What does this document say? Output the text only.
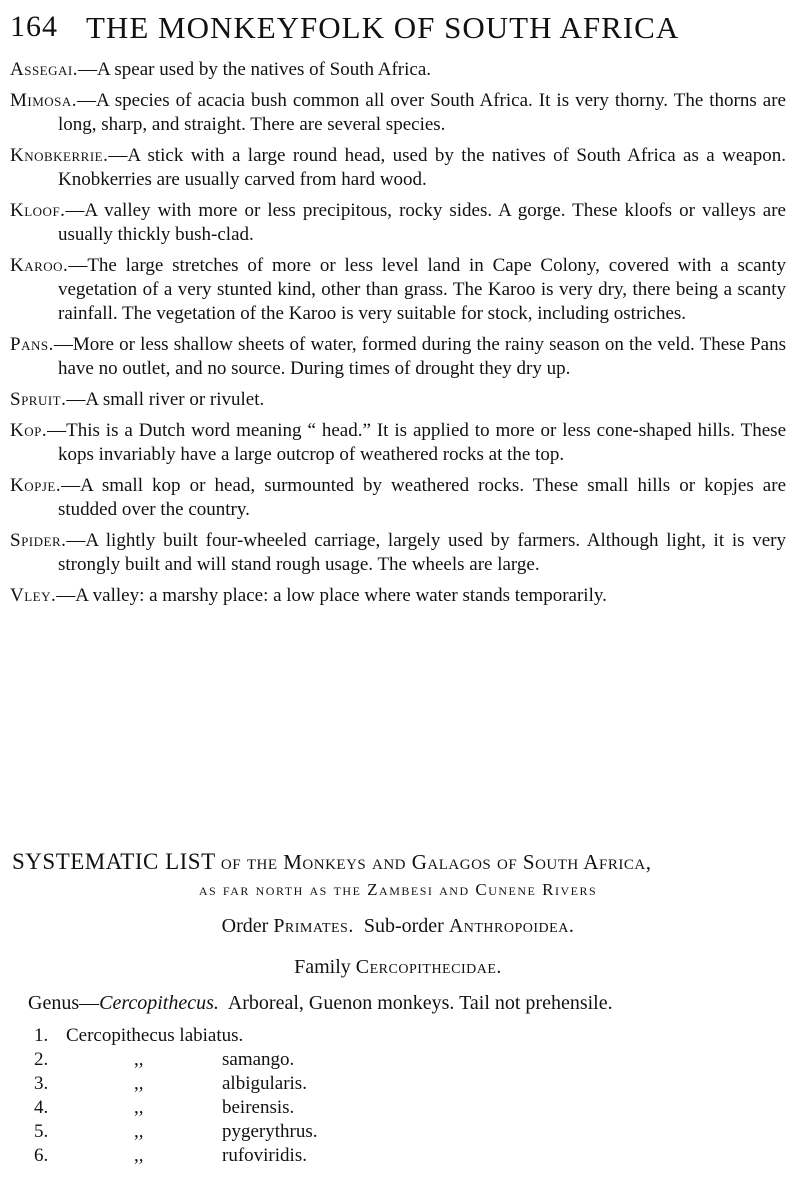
164 THE MONKEYFOLK OF SOUTH AFRICA

Assegai.—A spear used by the natives of South Africa.

Mimosa.—A species of acacia bush common all over South Africa. It is very thorny. The thorns are long, sharp, and straight. There are several species.

Knobkerrie.—A stick with a large round head, used by the natives of South Africa as a weapon. Knobkerries are usually carved from hard wood.

Kloof.—A valley with more or less precipitous, rocky sides. A gorge. These kloofs or valleys are usually thickly bush-clad.

Karoo.—The large stretches of more or less level land in Cape Colony, covered with a scanty vegetation of a very stunted kind, other than grass. The Karoo is very dry, there being a scanty rainfall. The vegetation of the Karoo is very suitable for stock, including ostriches.

Pans.—More or less shallow sheets of water, formed during the rainy season on the veld. These Pans have no outlet, and no source. During times of drought they dry up.

Spruit.—A small river or rivulet.

Kop.—This is a Dutch word meaning “ head.” It is applied to more or less cone-shaped hills. These kops invariably have a large outcrop of weathered rocks at the top.

Kopje.—A small kop or head, surmounted by weathered rocks. These small hills or kopjes are studded over the country.

Spider.—A lightly built four-wheeled carriage, largely used by farmers. Although light, it is very strongly built and will stand rough usage. The wheels are large.

Vley.—A valley: a marshy place: a low place where water stands temporarily.

SYSTEMATIC LIST of the Monkeys and Galagos of South Africa,
as far north as the Zambesi and Cunene Rivers
Order Primates. Sub-order Anthropoidea.
Family Cercopithecidae.
Genus—Cercopithecus. Arboreal, Guenon monkeys. Tail not prehensile.
1. Cercopithecus labiatus.
2.	,,	samango.
3.	,,	albigularis.
4.	,,	beirensis.
5.	,,	pygerythrus.
6.	,,	rufoviridis.
